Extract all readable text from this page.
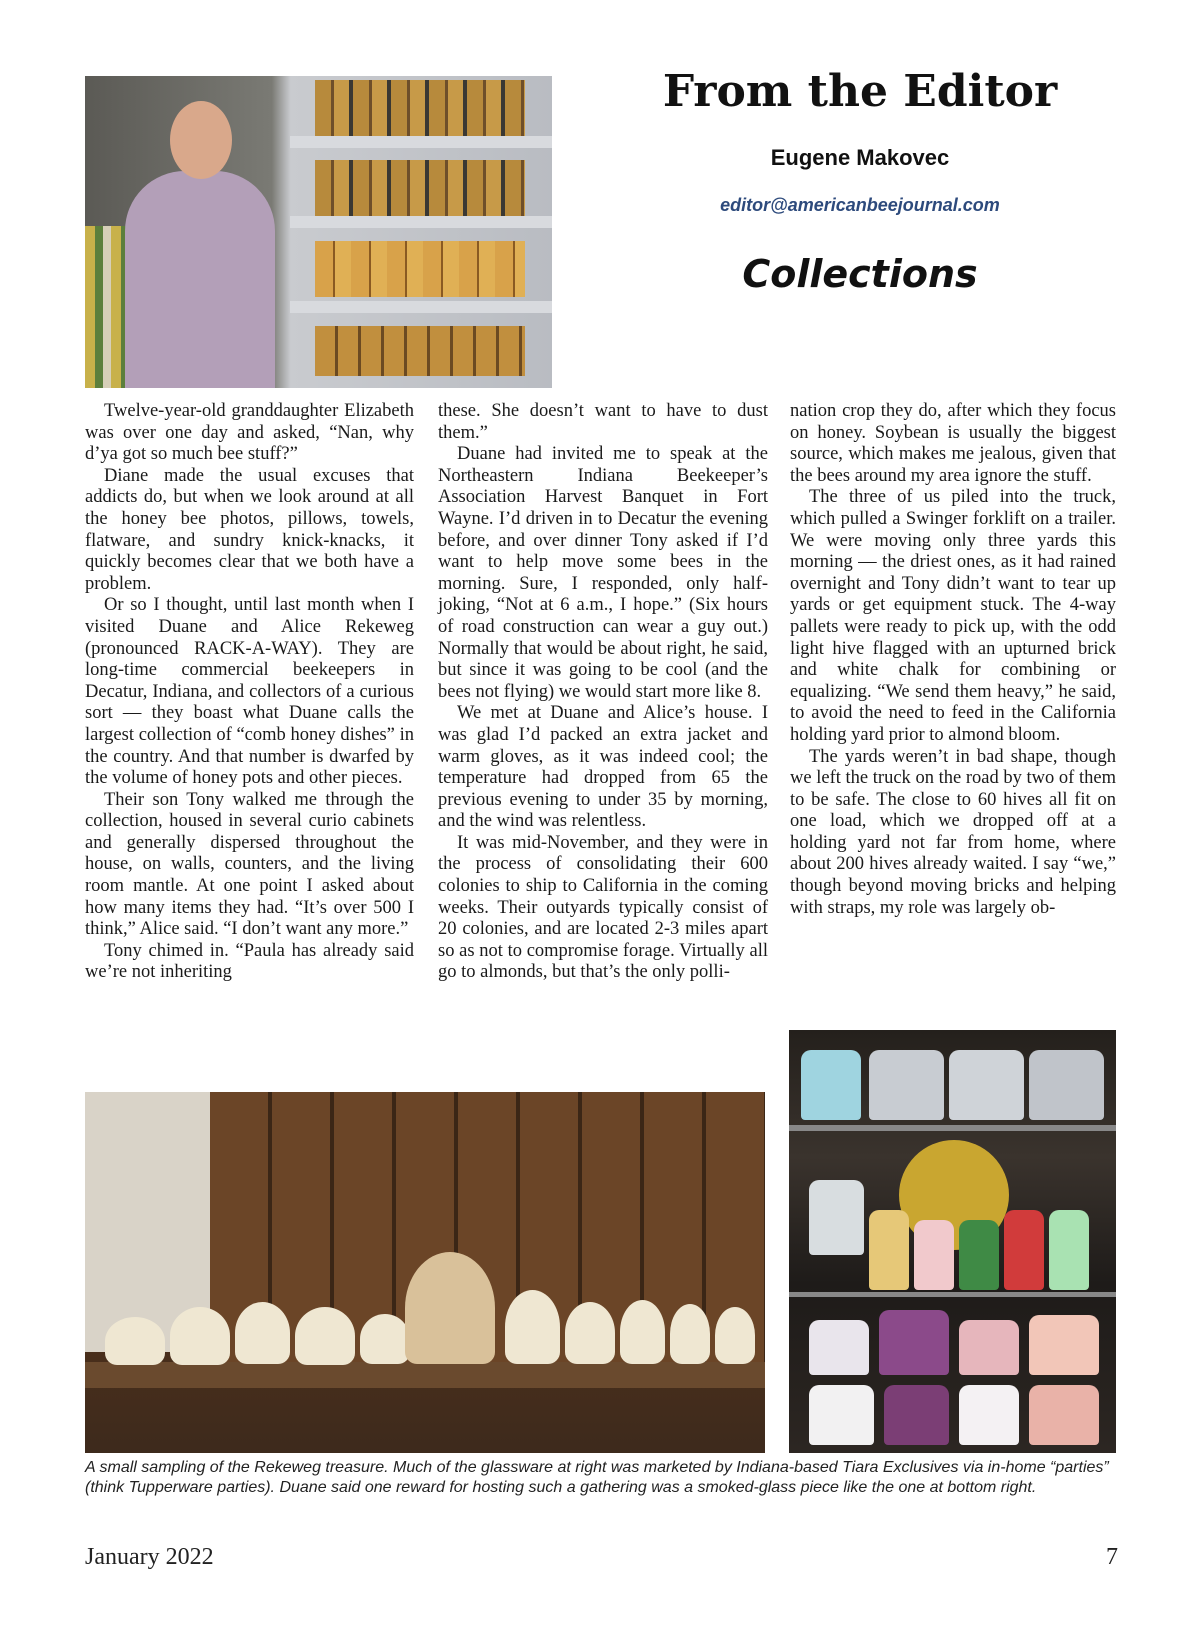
From the Editor

Eugene Makovec

editor@americanbeejournal.com

Collections

Twelve-year-old granddaughter Elizabeth was over one day and asked, “Nan, why d’ya got so much bee stuff?”

Diane made the usual excuses that addicts do, but when we look around at all the honey bee photos, pillows, towels, flatware, and sundry knick-knacks, it quickly becomes clear that we both have a problem.

Or so I thought, until last month when I visited Duane and Alice Rekeweg (pronounced RACK-A-WAY). They are long-time commercial beekeepers in Decatur, Indiana, and collectors of a curious sort — they boast what Duane calls the largest collection of “comb honey dishes” in the country. And that number is dwarfed by the volume of honey pots and other pieces.

Their son Tony walked me through the collection, housed in several curio cabinets and generally dispersed throughout the house, on walls, counters, and the living room mantle. At one point I asked about how many items they had. “It’s over 500 I think,” Alice said. “I don’t want any more.”

Tony chimed in. “Paula has already said we’re not inheriting

these. She doesn’t want to have to dust them.”

Duane had invited me to speak at the Northeastern Indiana Beekeeper’s Association Harvest Banquet in Fort Wayne. I’d driven in to Decatur the evening before, and over dinner Tony asked if I’d want to help move some bees in the morning. Sure, I responded, only half-joking, “Not at 6 a.m., I hope.” (Six hours of road construction can wear a guy out.) Normally that would be about right, he said, but since it was going to be cool (and the bees not flying) we would start more like 8.

We met at Duane and Alice’s house. I was glad I’d packed an extra jacket and warm gloves, as it was indeed cool; the temperature had dropped from 65 the previous evening to under 35 by morning, and the wind was relentless.

It was mid-November, and they were in the process of consolidating their 600 colonies to ship to California in the coming weeks. Their outyards typically consist of 20 colonies, and are located 2-3 miles apart so as not to compromise forage. Virtually all go to almonds, but that’s the only polli-

nation crop they do, after which they focus on honey. Soybean is usually the biggest source, which makes me jealous, given that the bees around my area ignore the stuff.

The three of us piled into the truck, which pulled a Swinger forklift on a trailer. We were moving only three yards this morning — the driest ones, as it had rained overnight and Tony didn’t want to tear up yards or get equipment stuck. The 4-way pallets were ready to pick up, with the odd light hive flagged with an upturned brick and white chalk for combining or equalizing. “We send them heavy,” he said, to avoid the need to feed in the California holding yard prior to almond bloom.

The yards weren’t in bad shape, though we left the truck on the road by two of them to be safe. The close to 60 hives all fit on one load, which we dropped off at a holding yard not far from home, where about 200 hives already waited. I say “we,” though beyond moving bricks and helping with straps, my role was largely ob-

A small sampling of the Rekeweg treasure. Much of the glassware at right was marketed by Indiana-based Tiara Exclusives via in-home “parties” (think Tupperware parties). Duane said one reward for hosting such a gathering was a smoked-glass piece like the one at bottom right.

January 2022	7
